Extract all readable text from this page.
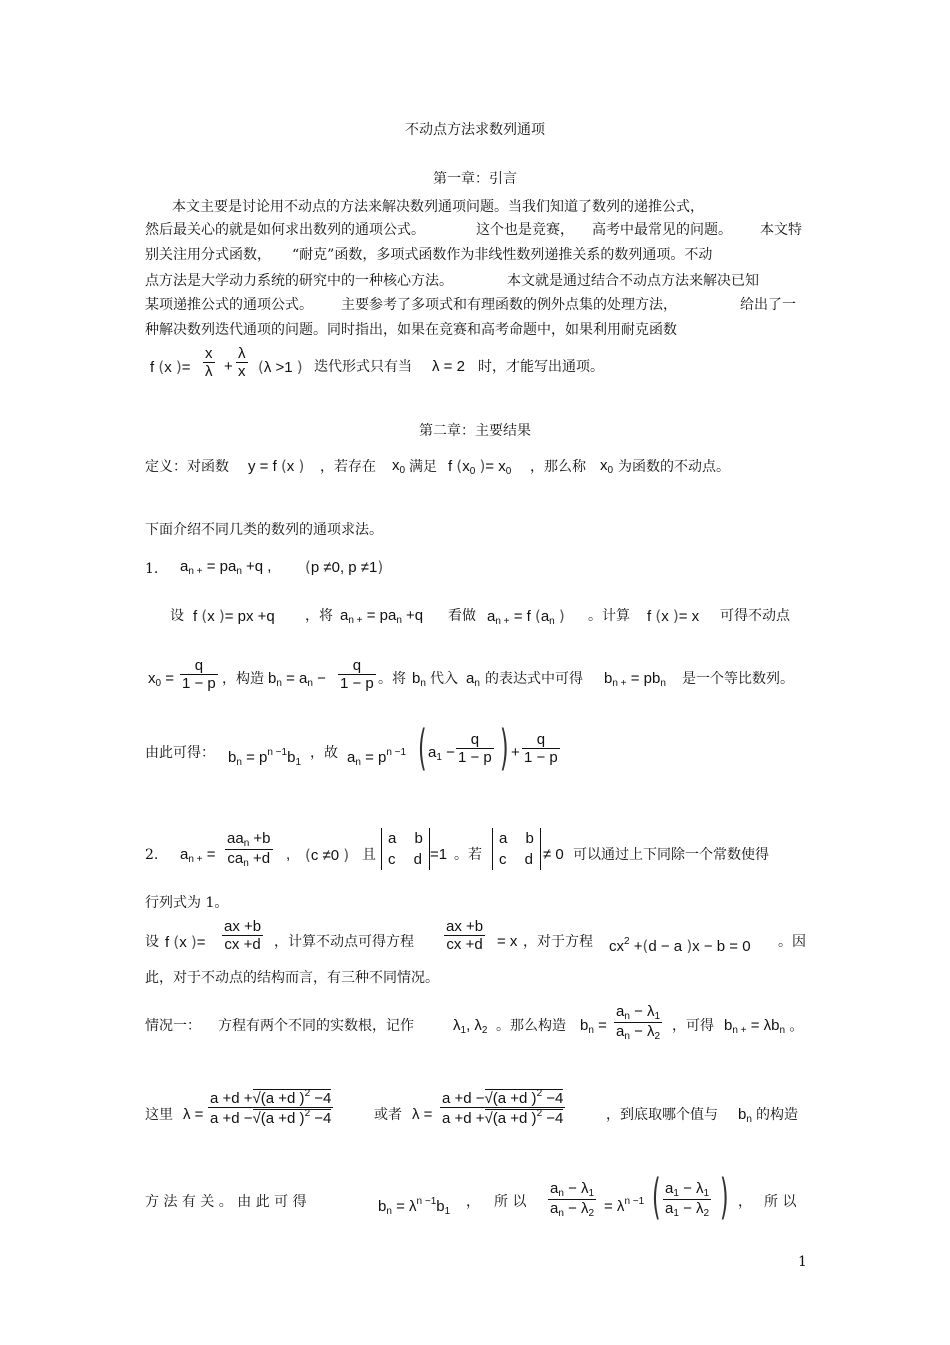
不动点方法求数列通项
第一章：引言
本文主要是讨论用不动点的方法来解决数列通项问题。当我们知道了数列的递推公式，
然后最关心的就是如何求出数列的通项公式。	这个也是竞赛， 高考中最常见的问题。 本文特
别关注用分式函数， “耐克”函数，多项式函数作为非线性数列递推关系的数列通项。不动
点方法是大学动力系统的研究中的一种核心方法。	本文就是通过结合不动点方法来解决已知
某项递推公式的通项公式。 主要参考了多项式和有理函数的例外点集的处理方法，	给出了一
种解决数列迭代通项的问题。同时指出，如果在竞赛和高考命题中，如果利用耐克函数
f (x )= $\frac{x}{\lambda} + \frac{\lambda}{x} (\lambda >1$ ) 迭代形式只有当 λ = 2 时，才能写出通项。
第二章：主要结果
定义：对函数 y = f (x ) ，若存在 $x_0$ 满足 f ($x_0$ )= $x_0$ ，那么称 $x_0$ 为函数的不动点。
下面介绍不同几类的数列的通项求法。
1. $a_{n +} = pa_n +q$ , (p ≠0, p ≠1)
设 f (x )= px +q ，将 $a_{n +} = pa_n +q$ 看做 $a_{n +} = f$ ($a_n$ ) 。计算 f (x )= x 可得不动点
$x_0 = \frac{q}{1 - p}$ ，构造 $b_n = a_n - \frac{q}{1 - p}$ 。将 $b_n$ 代入 $a_n$ 的表达式中可得 $b_{n +} = pb_n$ 是一个等比数列。
由此可得： $b_n = p^{n -1}b_1$
，故 $a_n = p^{n -1}$ ( $a_1 - \frac{q}{1 - p}$ ) + $\frac{q}{1 - p}$
2. $a_{n +}$ =
$aa_n +b$
$ca_n +d$ , (c ≠0 ) 且
a b
c d =1 。若
a b
c d ≠ 0 可以通过上下同除一个常数使得
行列式为 1。
设 f (x )= $\frac{ax +b}{cx +d}$ ，计算不动点可得方程 $\frac{ax +b}{cx +d} = x$ ，对于方程 $cx^2 +(d - a$ )x − b = 0 。因
此，对于不动点的结构而言，有三种不同情况。
情况一： 方程有两个不同的实数根，记作	$\lambda_1$, $\lambda_2$ 。那么构造 $b_n = \frac{a_n - \lambda_1}{a_n - \lambda_2}$ ，可得 $b_{n +} = \lambda b_n$ 。
这里 $\lambda = \frac{a +d +√(a +d )^2 -4}{a +d -√(a +d )^2 -4}$	或者 $\lambda = \frac{a +d -√(a +d )^2 -4}{a +d +√(a +d )^2 -4}$	，到底取哪个值与 $b_n$ 的构造
方 法 有 关 。 由 此 可 得	$b_n = \lambda^{n -1}b_1$
， 所 以 $\frac{a_n - \lambda_1}{a_n - \lambda_2} = \lambda^{n -1}$ ( $\frac{a_1 - \lambda_1}{a_1 - \lambda_2}$ ) ， 所 以
1
